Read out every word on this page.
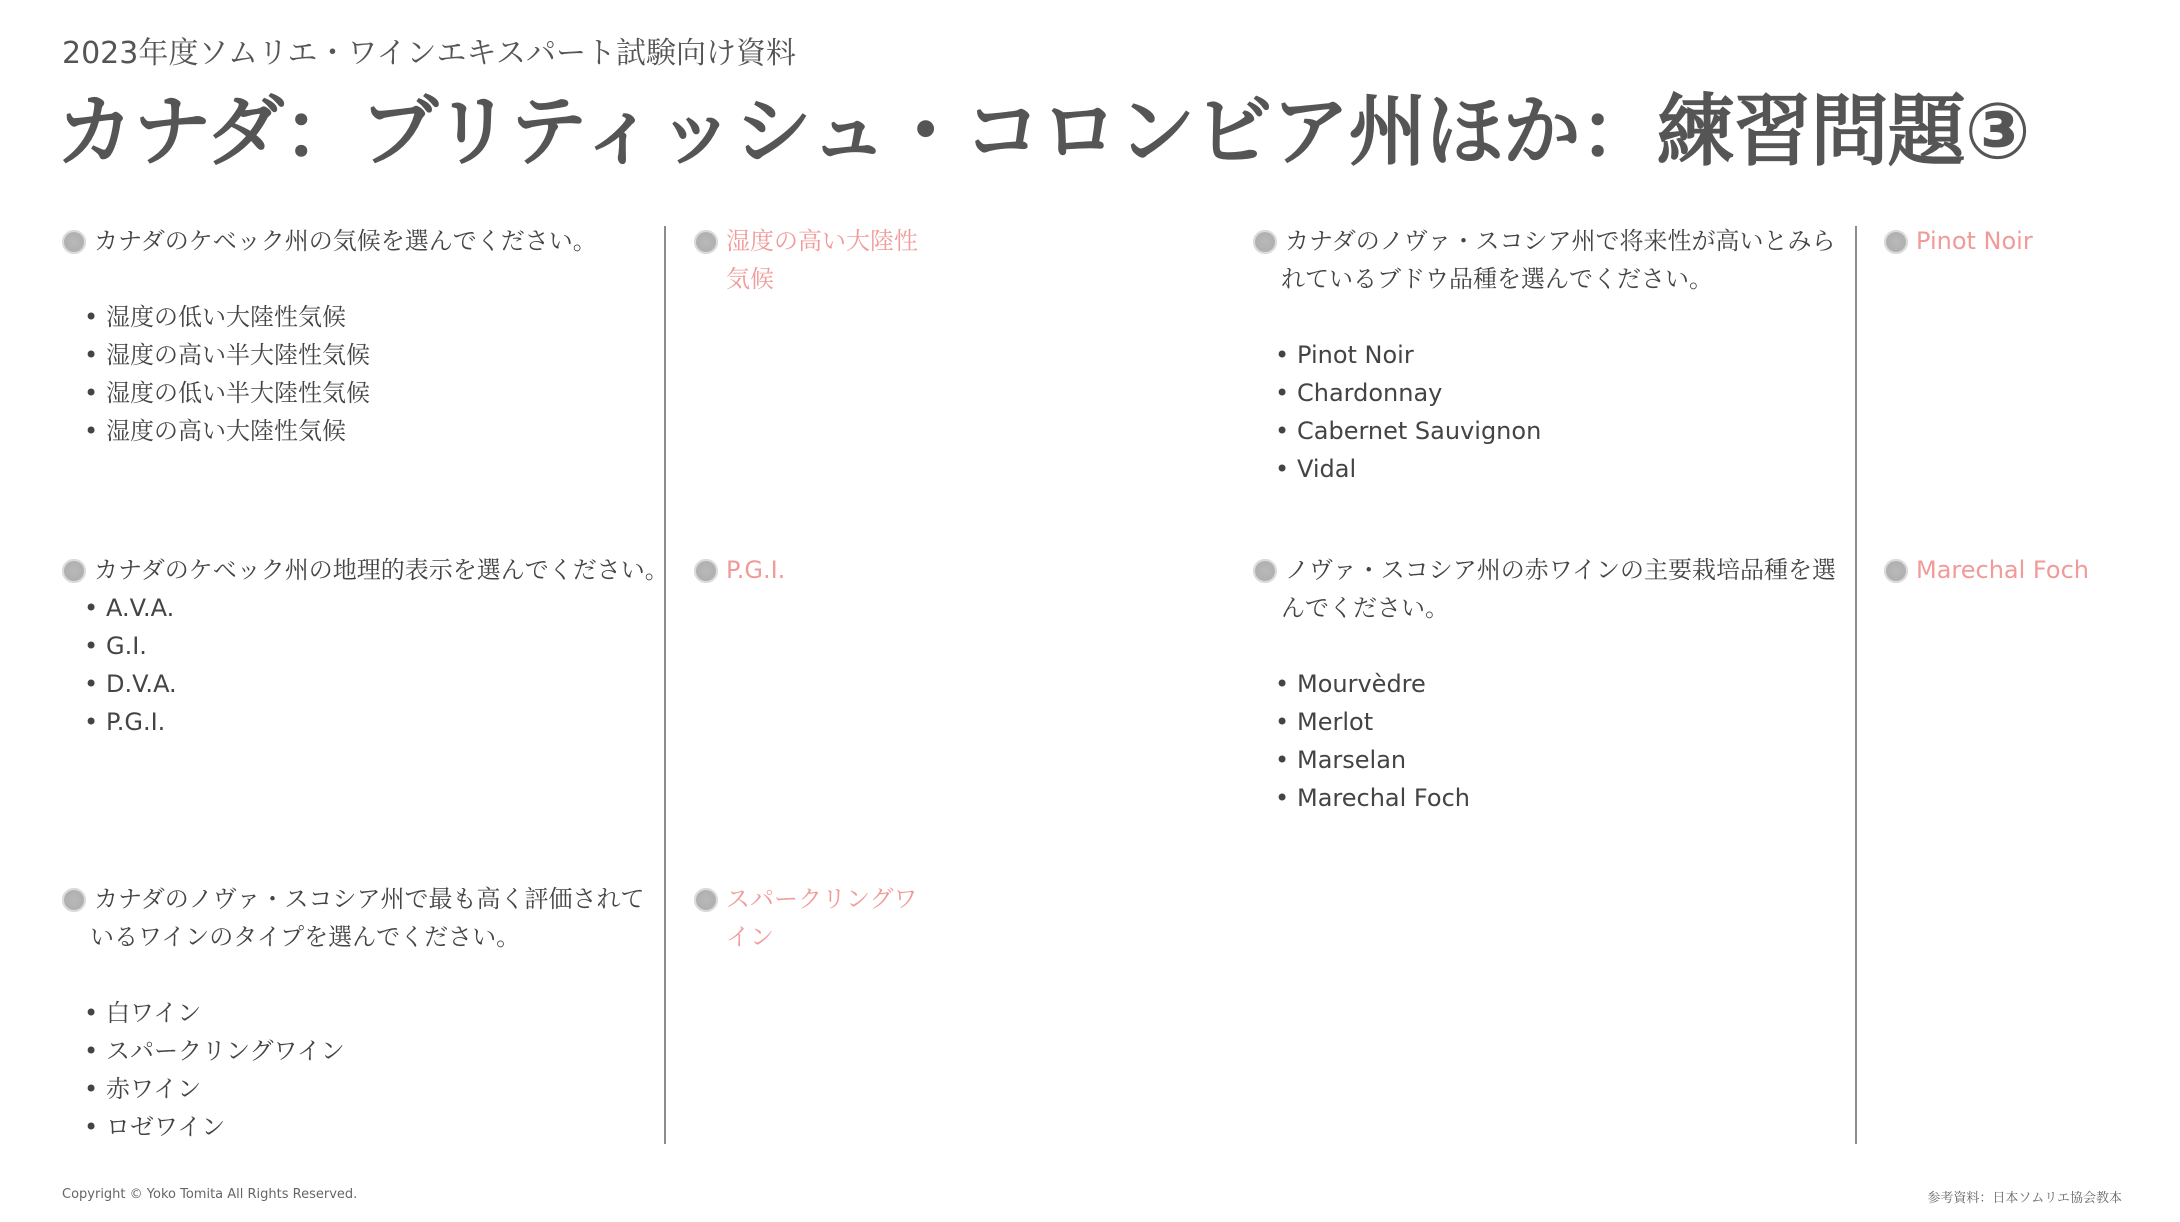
2023年度ソムリエ・ワインエキスパート試験向け資料
カナダ：ブリティッシュ・コロンビア州ほか：練習問題③
カナダのケベック州の気候を選んでください。
• 湿度の低い大陸性気候
• 湿度の高い半大陸性気候
• 湿度の低い半大陸性気候
• 湿度の高い大陸性気候
湿度の高い大陸性気候
カナダのケベック州の地理的表示を選んでください。
• A.V.A.
• G.I.
• D.V.A.
• P.G.I.
P.G.I.
カナダのノヴァ・スコシア州で最も高く評価されているワインのタイプを選んでください。
• 白ワイン
• スパークリングワイン
• 赤ワイン
• ロゼワイン
スパークリングワイン
カナダのノヴァ・スコシア州で将来性が高いとみられているブドウ品種を選んでください。
• Pinot Noir
• Chardonnay
• Cabernet Sauvignon
• Vidal
Pinot Noir
ノヴァ・スコシア州の赤ワインの主要栽培品種を選んでください。
• Mourvèdre
• Merlot
• Marselan
• Marechal Foch
Marechal Foch
Copyright © Yoko Tomita All Rights Reserved.	参考資料：日本ソムリエ協会教本
